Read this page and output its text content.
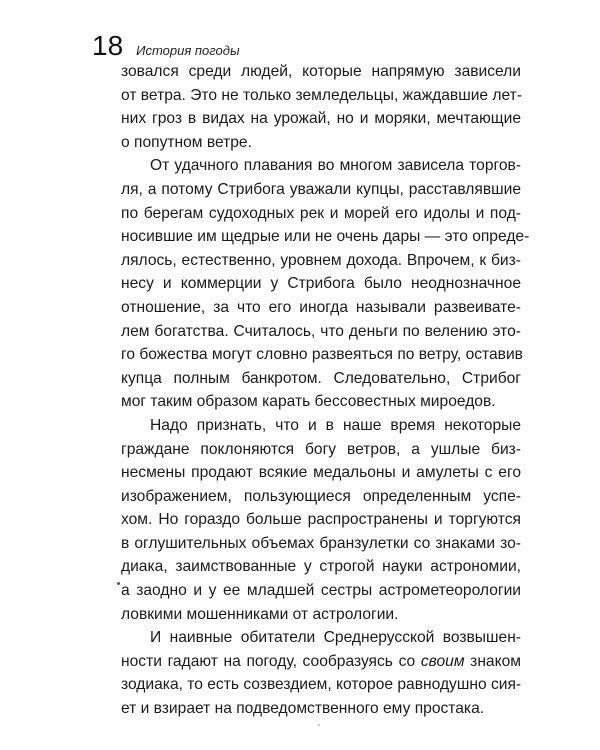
18 История погоды
зовался среди людей, которые напрямую зависели
от ветра. Это не только земледельцы, жаждавшие лет-
них гроз в видах на урожай, но и моряки, мечтающие
о попутном ветре.
От удачного плавания во многом зависела торгов-
ля, а потому Стрибога уважали купцы, расставлявшие
по берегам судоходных рек и морей его идолы и под-
носившие им щедрые или не очень дары — это опреде-
лялось, естественно, уровнем дохода. Впрочем, к биз-
несу и коммерции у Стрибога было неоднозначное
отношение, за что его иногда называли развеивате-
лем богатства. Считалось, что деньги по велению это-
го божества могут словно развеяться по ветру, оставив
купца полным банкротом. Следовательно, Стрибог
мог таким образом карать бессовестных мироедов.
Надо признать, что и в наше время некоторые
граждане поклоняются богу ветров, а ушлые биз-
несмены продают всякие медальоны и амулеты с его
изображением, пользующиеся определенным успе-
хом. Но гораздо больше распространены и торгуются
в оглушительных объемах бранзулетки со знаками зо-
диака, заимствованные у строгой науки астрономии,
а заодно и у ее младшей сестры астрометеорологии
ловкими мошенниками от астрологии.
И наивные обитатели Среднерусской возвышен-
ности гадают на погоду, сообразуясь со своим знаком
зодиака, то есть созвездием, которое равнодушно сия-
ет и взирает на подведомственного ему простака.
